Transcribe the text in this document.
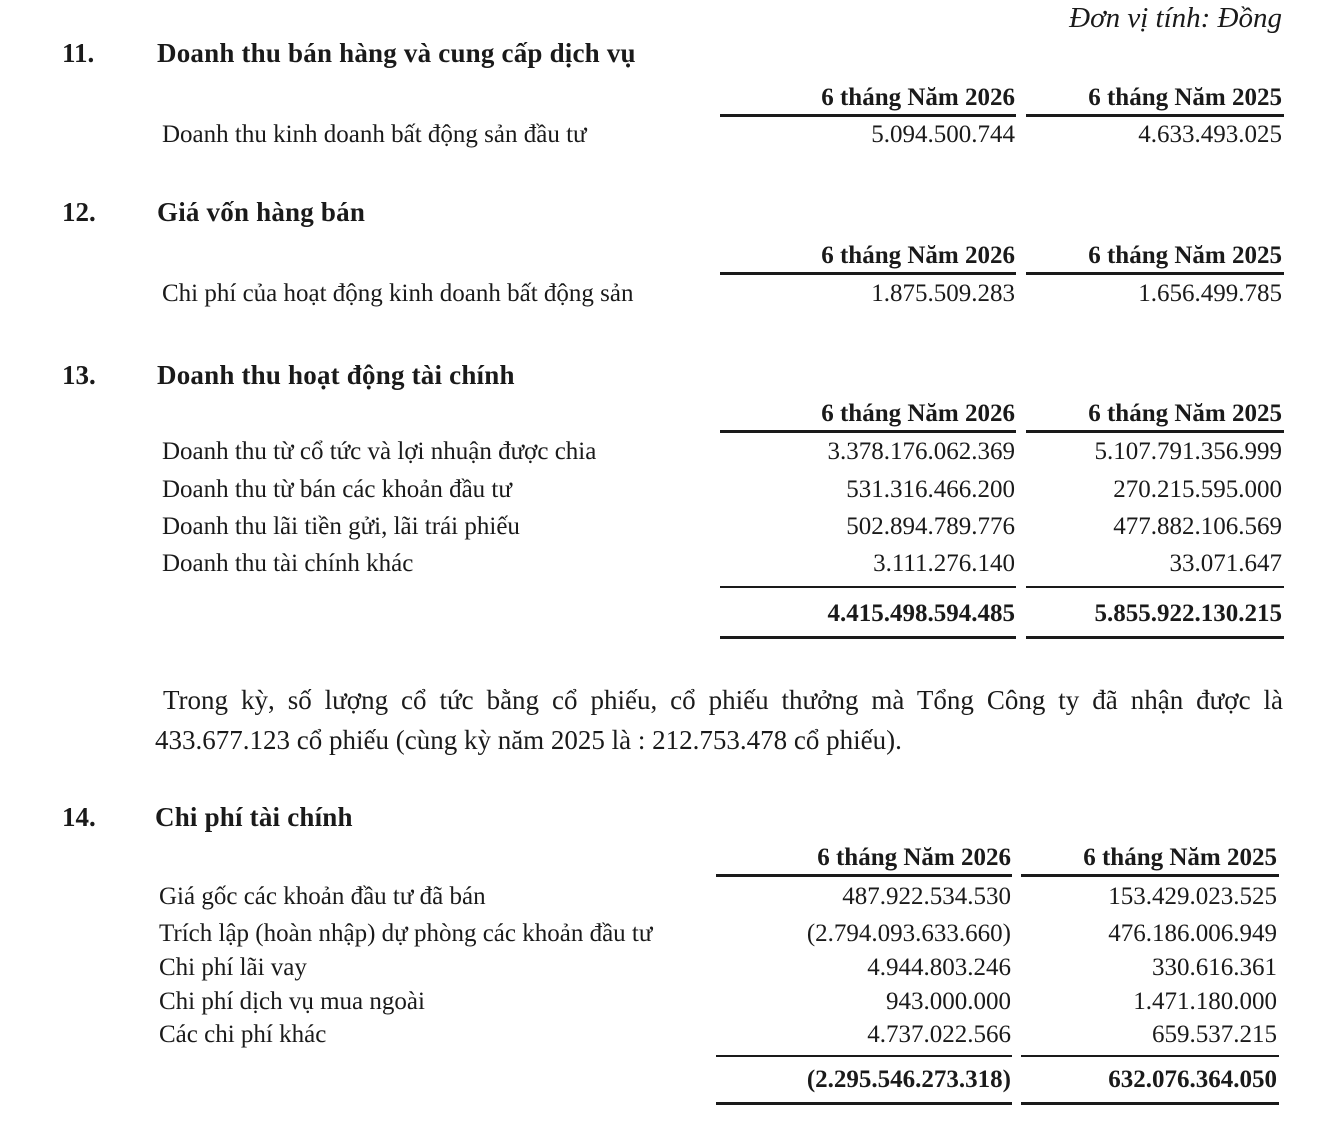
Đơn vị tính: Đồng
11. Doanh thu bán hàng và cung cấp dịch vụ
6 tháng Năm 2026	6 tháng Năm 2025
Doanh thu kinh doanh bất động sản đầu tư	5.094.500.744	4.633.493.025
12. Giá vốn hàng bán
6 tháng Năm 2026	6 tháng Năm 2025
Chi phí của hoạt động kinh doanh bất động sản	1.875.509.283	1.656.499.785
13. Doanh thu hoạt động tài chính
6 tháng Năm 2026	6 tháng Năm 2025
Doanh thu từ cổ tức và lợi nhuận được chia	3.378.176.062.369	5.107.791.356.999
Doanh thu từ bán các khoản đầu tư	531.316.466.200	270.215.595.000
Doanh thu lãi tiền gửi, lãi trái phiếu	502.894.789.776	477.882.106.569
Doanh thu tài chính khác	3.111.276.140	33.071.647
4.415.498.594.485	5.855.922.130.215
Trong kỳ, số lượng cổ tức bằng cổ phiếu, cổ phiếu thưởng mà Tổng Công ty đã nhận được là 433.677.123 cổ phiếu (cùng kỳ năm 2025 là : 212.753.478 cổ phiếu).
14. Chi phí tài chính
6 tháng Năm 2026	6 tháng Năm 2025
Giá gốc các khoản đầu tư đã bán	487.922.534.530	153.429.023.525
Trích lập (hoàn nhập) dự phòng các khoản đầu tư	(2.794.093.633.660)	476.186.006.949
Chi phí lãi vay	4.944.803.246	330.616.361
Chi phí dịch vụ mua ngoài	943.000.000	1.471.180.000
Các chi phí khác	4.737.022.566	659.537.215
(2.295.546.273.318)	632.076.364.050
